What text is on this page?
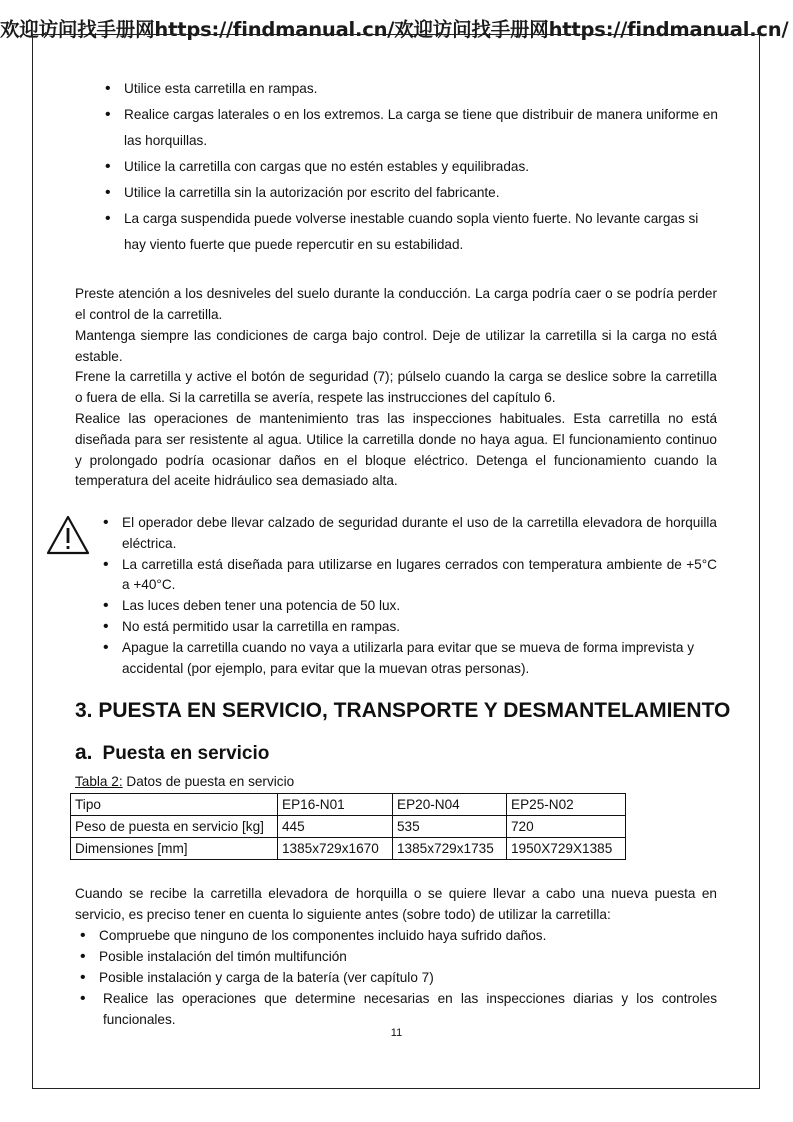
欢迎访问找手册网https://findmanual.cn/欢迎访问找手册网https://findmanual.cn/
• Utilice esta carretilla en rampas.
• Realice cargas laterales o en los extremos. La carga se tiene que distribuir de manera uniforme en las horquillas.
• Utilice la carretilla con cargas que no estén estables y equilibradas.
• Utilice la carretilla sin la autorización por escrito del fabricante.
• La carga suspendida puede volverse inestable cuando sopla viento fuerte. No levante cargas si hay viento fuerte que puede repercutir en su estabilidad.

Preste atención a los desniveles del suelo durante la conducción. La carga podría caer o se podría perder el control de la carretilla.

Mantenga siempre las condiciones de carga bajo control. Deje de utilizar la carretilla si la carga no está estable.

Frene la carretilla y active el botón de seguridad (7); púlselo cuando la carga se deslice sobre la carretilla o fuera de ella. Si la carretilla se avería, respete las instrucciones del capítulo 6.

Realice las operaciones de mantenimiento tras las inspecciones habituales. Esta carretilla no está diseñada para ser resistente al agua. Utilice la carretilla donde no haya agua. El funcionamiento continuo y prolongado podría ocasionar daños en el bloque eléctrico. Detenga el funcionamiento cuando la temperatura del aceite hidráulico sea demasiado alta.

• El operador debe llevar calzado de seguridad durante el uso de la carretilla elevadora de horquilla eléctrica.
• La carretilla está diseñada para utilizarse en lugares cerrados con temperatura ambiente de +5°C a +40°C.
• Las luces deben tener una potencia de 50 lux.
• No está permitido usar la carretilla en rampas.
• Apague la carretilla cuando no vaya a utilizarla para evitar que se mueva de forma imprevista y accidental (por ejemplo, para evitar que la muevan otras personas).
3. PUESTA EN SERVICIO, TRANSPORTE Y DESMANTELAMIENTO
a. Puesta en servicio
Tabla 2: Datos de puesta en servicio
Tipo	EP16-N01	EP20-N04	EP25-N02
Peso de puesta en servicio [kg]	445	535	720
Dimensiones [mm]	1385x729x1670	1385x729x1735	1950X729X1385

Cuando se recibe la carretilla elevadora de horquilla o se quiere llevar a cabo una nueva puesta en servicio, es preciso tener en cuenta lo siguiente antes (sobre todo) de utilizar la carretilla:

• Compruebe que ninguno de los componentes incluido haya sufrido daños.
• Posible instalación del timón multifunción
• Posible instalación y carga de la batería (ver capítulo 7)
• Realice las operaciones que determine necesarias en las inspecciones diarias y los controles funcionales.
11
